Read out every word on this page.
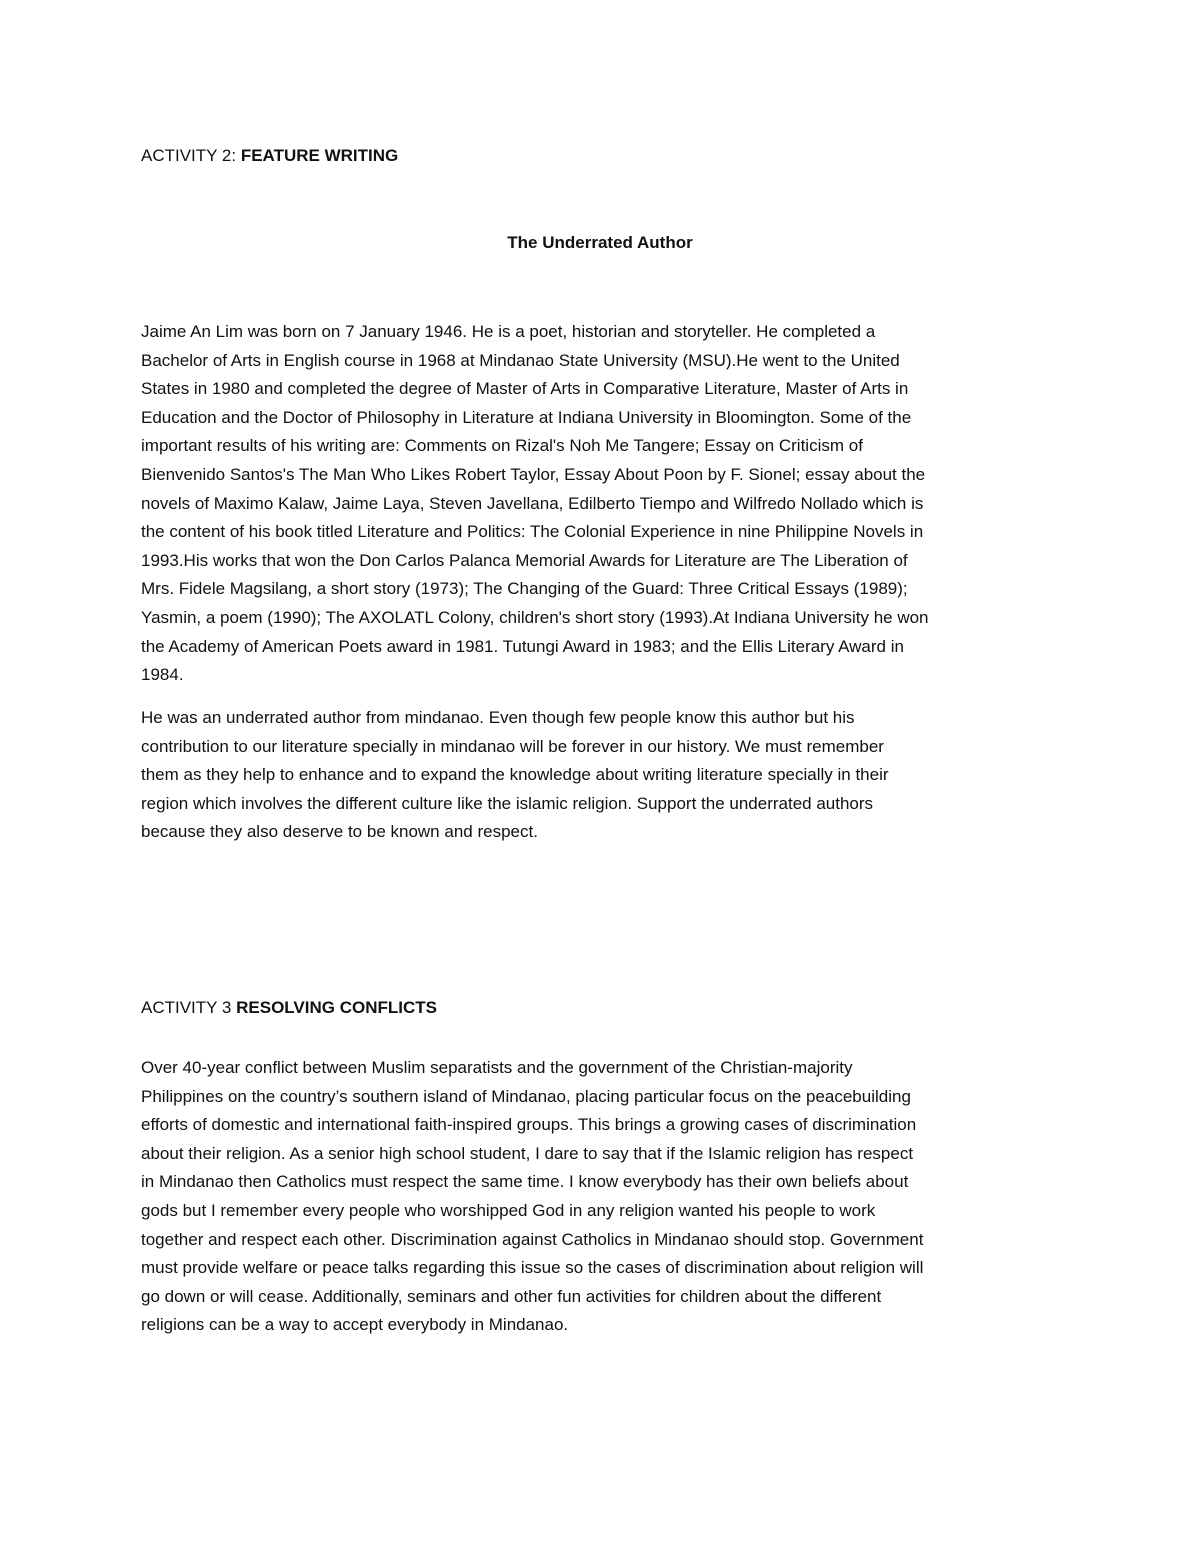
ACTIVITY 2: FEATURE WRITING
The Underrated Author

Jaime An Lim was born on 7 January 1946. He is a poet, historian and storyteller. He completed a
Bachelor of Arts in English course in 1968 at Mindanao State University (MSU).He went to the United
States in 1980 and completed the degree of Master of Arts in Comparative Literature, Master of Arts in
Education and the Doctor of Philosophy in Literature at Indiana University in Bloomington. Some of the
important results of his writing are: Comments on Rizal's Noh Me Tangere; Essay on Criticism of
Bienvenido Santos's The Man Who Likes Robert Taylor, Essay About Poon by F. Sionel; essay about the
novels of Maximo Kalaw, Jaime Laya, Steven Javellana, Edilberto Tiempo and Wilfredo Nollado which is
the content of his book titled Literature and Politics: The Colonial Experience in nine Philippine Novels in
1993.His works that won the Don Carlos Palanca Memorial Awards for Literature are The Liberation of
Mrs. Fidele Magsilang, a short story (1973); The Changing of the Guard: Three Critical Essays (1989);
Yasmin, a poem (1990); The AXOLATL Colony, children's short story (1993).At Indiana University he won
the Academy of American Poets award in 1981. Tutungi Award in 1983; and the Ellis Literary Award in
1984.

He was an underrated author from mindanao. Even though few people know this author but his
contribution to our literature specially in mindanao will be forever in our history. We must remember
them as they help to enhance and to expand the knowledge about writing literature specially in their
region which involves the different culture like the islamic religion. Support the underrated authors
because they also deserve to be known and respect.

ACTIVITY 3 RESOLVING CONFLICTS

Over 40-year conflict between Muslim separatists and the government of the Christian-majority
Philippines on the country’s southern island of Mindanao, placing particular focus on the peacebuilding
efforts of domestic and international faith-inspired groups. This brings a growing cases of discrimination
about their religion. As a senior high school student, I dare to say that if the Islamic religion has respect
in Mindanao then Catholics must respect the same time. I know everybody has their own beliefs about
gods but I remember every people who worshipped God in any religion wanted his people to work
together and respect each other. Discrimination against Catholics in Mindanao should stop. Government
must provide welfare or peace talks regarding this issue so the cases of discrimination about religion will
go down or will cease. Additionally, seminars and other fun activities for children about the different
religions can be a way to accept everybody in Mindanao.
